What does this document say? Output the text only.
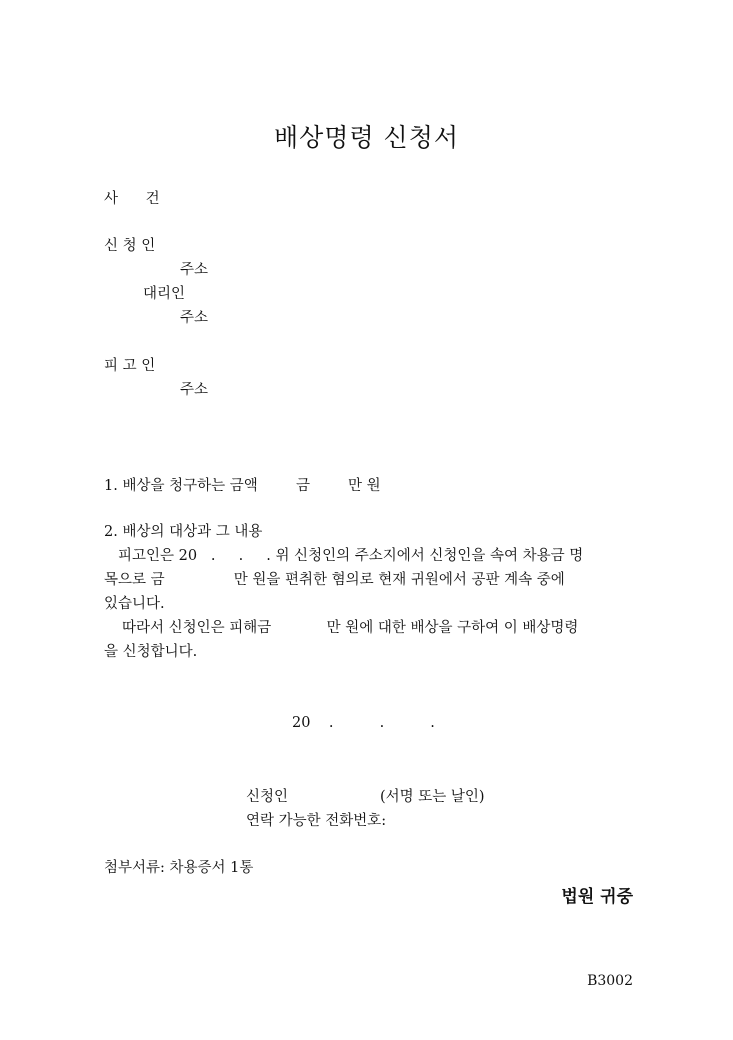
배상명령 신청서
사      건
신 청 인
주소
대리인
주소
피 고 인
주소
1. 배상을 청구하는 금액	금	만 원
2. 배상의 대상과 그 내용
피고인은 20   .     .     . 위 신청인의 주소지에서 신청인을 속여 차용금 명
목으로 금               만 원을 편취한 혐의로 현재 귀원에서 공판 계속 중에
있습니다.
따라서 신청인은 피해금            만 원에 대한 배상을 구하여 이 배상명령
을 신청합니다.
20    .          .          .
신청인	(서명 또는 날인)
연락 가능한 전화번호:
첨부서류: 차용증서 1통
법원 귀중
B3002
